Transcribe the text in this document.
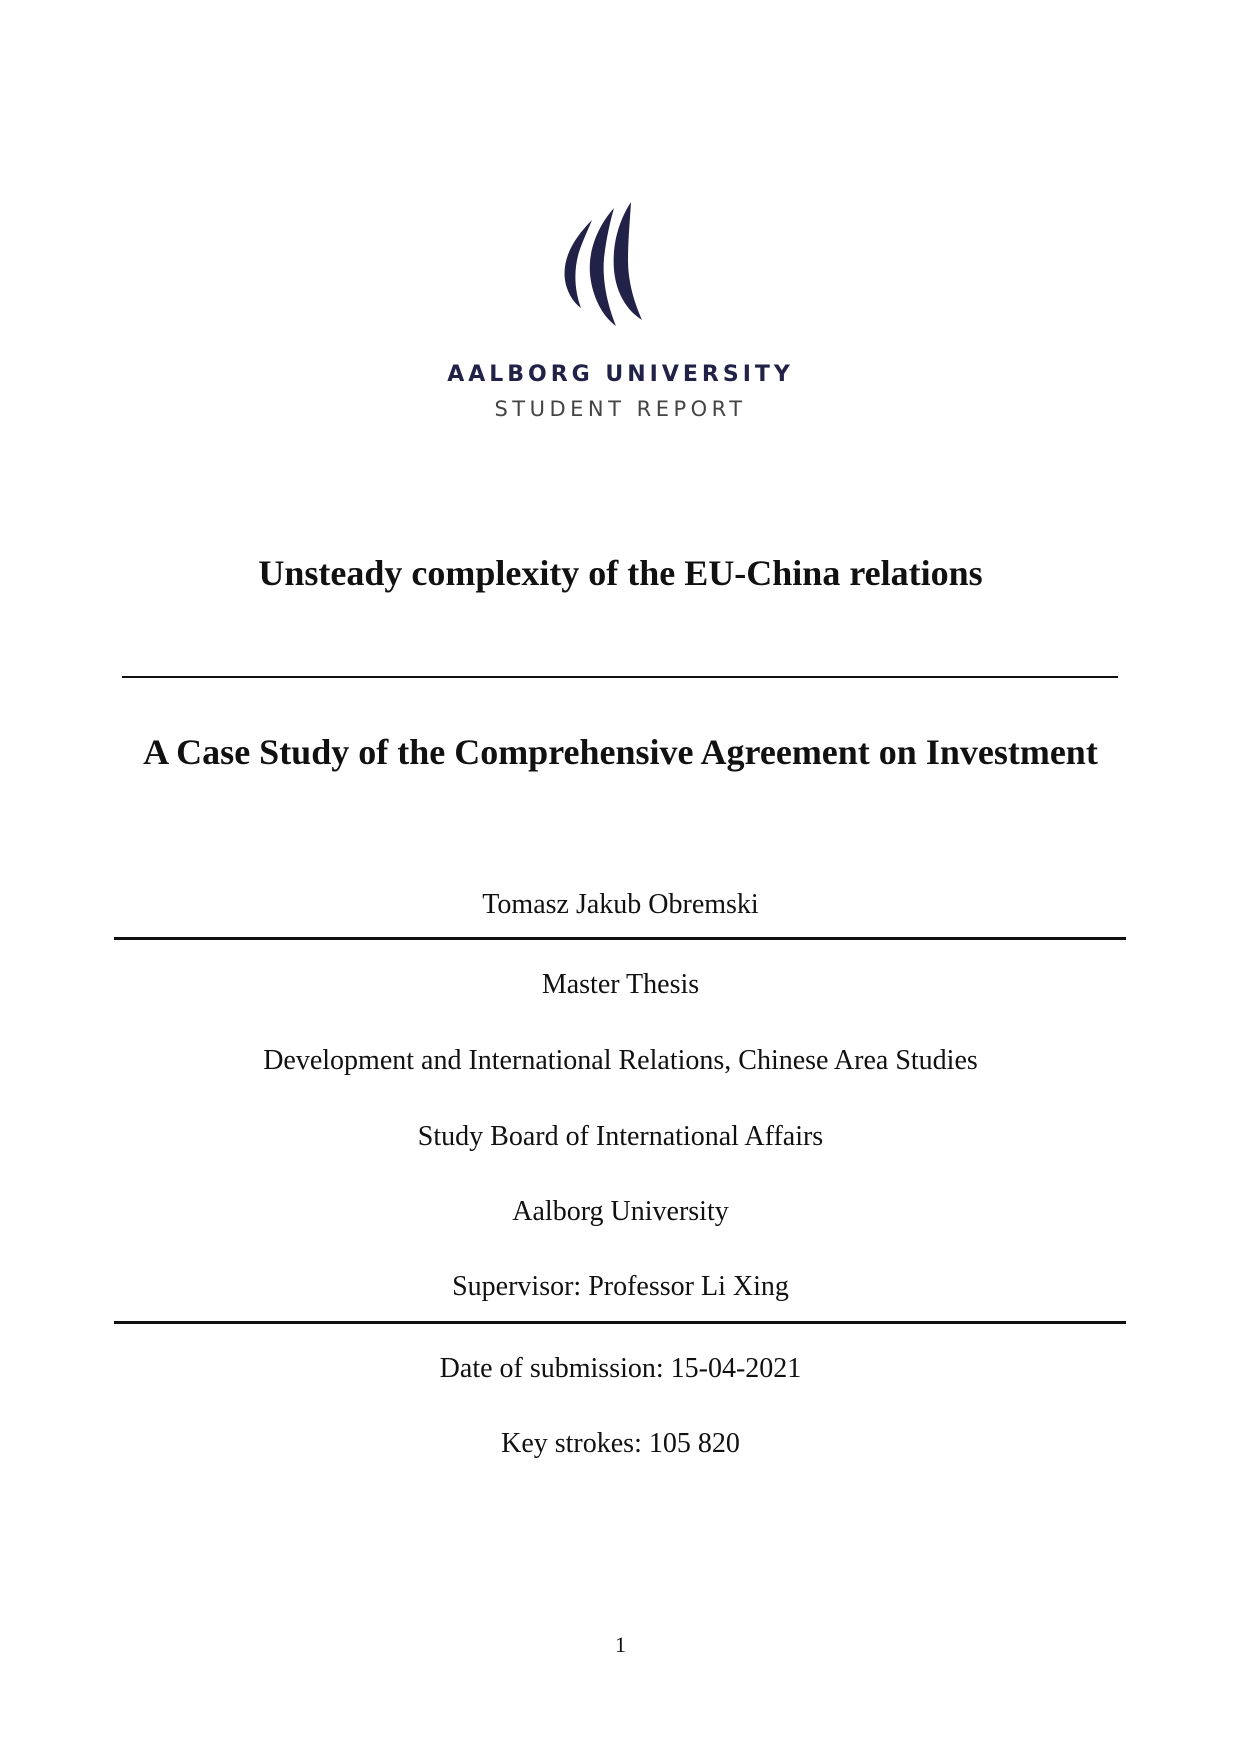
AALBORG UNIVERSITY
STUDENT REPORT
Unsteady complexity of the EU-China relations
A Case Study of the Comprehensive Agreement on Investment
Tomasz Jakub Obremski
Master Thesis
Development and International Relations, Chinese Area Studies
Study Board of International Affairs
Aalborg University
Supervisor: Professor Li Xing
Date of submission: 15-04-2021
Key strokes: 105 820
1
